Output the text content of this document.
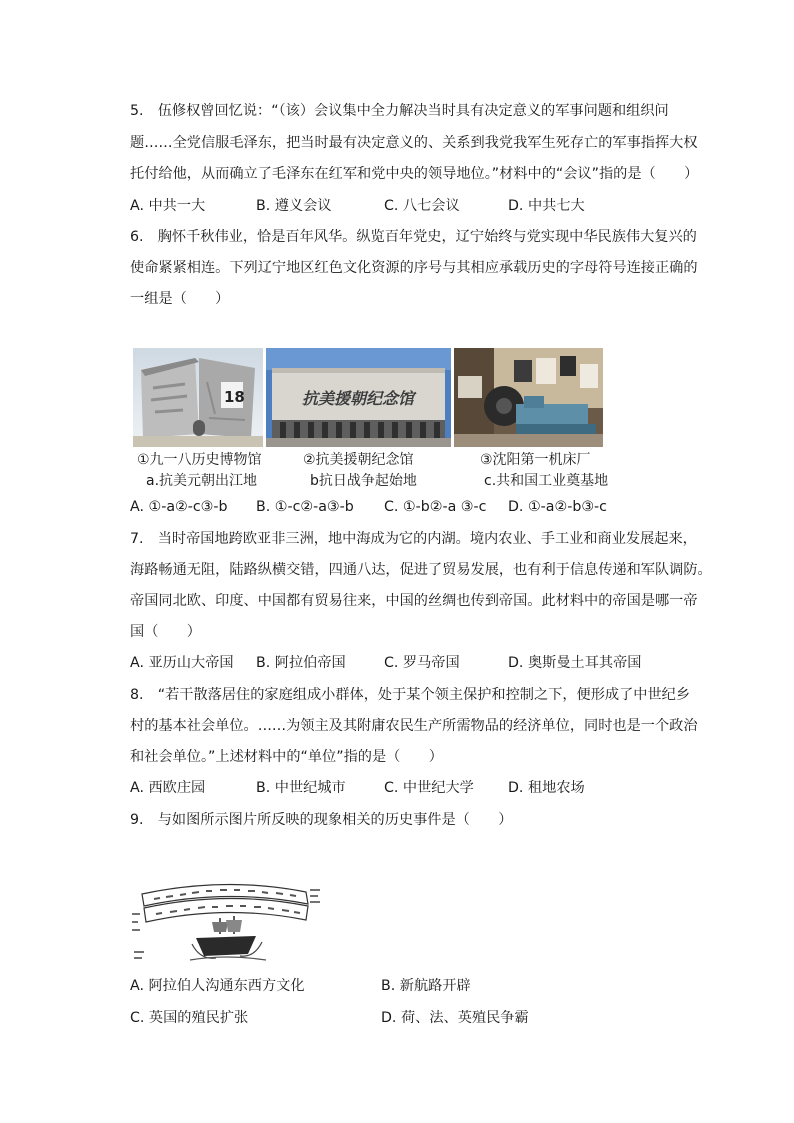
5.　伍修权曾回忆说：“（该）会议集中全力解决当时具有决定意义的军事问题和组织问
题……全党信服毛泽东，把当时最有决定意义的、关系到我党我军生死存亡的军事指挥大权
托付给他，从而确立了毛泽东在红军和党中央的领导地位。”材料中的“会议”指的是（　　）
A. 中共一大	B. 遵义会议	C. 八七会议	D. 中共七大
6.　胸怀千秋伟业，恰是百年风华。纵览百年党史，辽宁始终与党实现中华民族伟大复兴的
使命紧紧相连。下列辽宁地区红色文化资源的序号与其相应承载历史的字母符号连接正确的
一组是（　　）
18	抗美援朝纪念馆
①九一八历史博物馆	②抗美援朝纪念馆	③沈阳第一机床厂
a.抗美元朝出江地	b抗日战争起始地	c.共和国工业奠基地
A. ①-a②-c③-b B. ①-c②-a③-b C. ①-b②-a ③-c D. ①-a②-b③-c
7.　当时帝国地跨欧亚非三洲，地中海成为它的内湖。境内农业、手工业和商业发展起来，
海路畅通无阻，陆路纵横交错，四通八达，促进了贸易发展，也有利于信息传递和军队调防。
帝国同北欧、印度、中国都有贸易往来，中国的丝绸也传到帝国。此材料中的帝国是哪一帝
国（　　）
A. 亚历山大帝国 B. 阿拉伯帝国	C. 罗马帝国	D. 奥斯曼土耳其帝国
8.　“若干散落居住的家庭组成小群体，处于某个领主保护和控制之下，便形成了中世纪乡
村的基本社会单位。……为领主及其附庸农民生产所需物品的经济单位，同时也是一个政治
和社会单位。”上述材料中的“单位”指的是（　　）
A. 西欧庄园	B. 中世纪城市	C. 中世纪大学 D. 租地农场
9.　与如图所示图片所反映的现象相关的历史事件是（　　）
A. 阿拉伯人沟通东西方文化	B. 新航路开辟
C. 英国的殖民扩张	D. 荷、法、英殖民争霸
